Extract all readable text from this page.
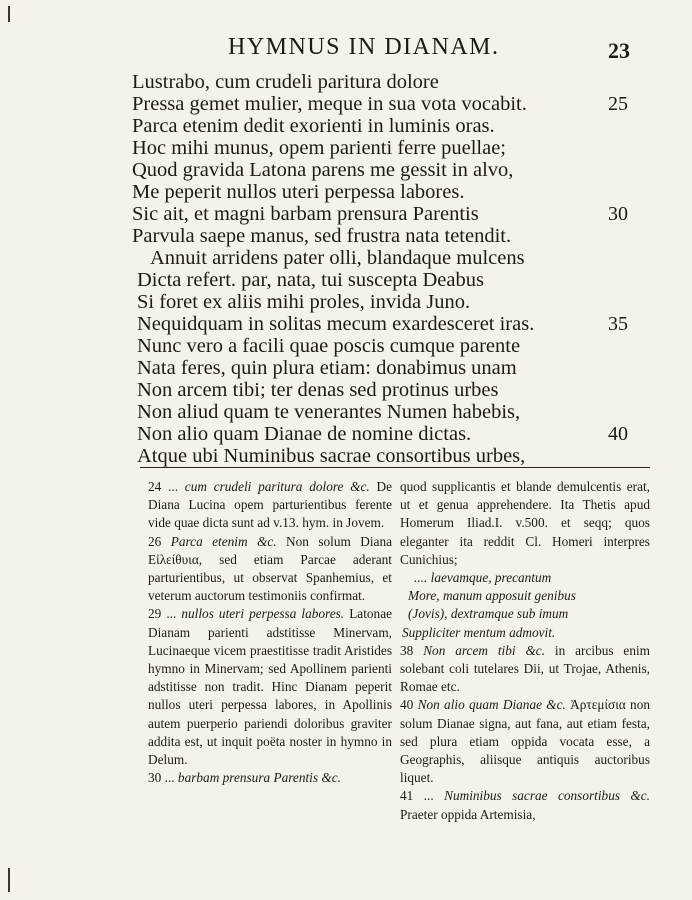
HYMNUS IN DIANAM.	23
Lustrabo, cum crudeli paritura dolore
Pressa gemet mulier, meque in sua vota vocabit.	25
Parca etenim dedit exorienti in luminis oras.
Hoc mihi munus, opem parienti ferre puellae;
Quod gravida Latona parens me gessit in alvo,
Me peperit nullos uteri perpessa labores.
Sic ait, et magni barbam prensura Parentis	30
Parvula saepe manus, sed frustra nata tetendit.
Annuit arridens pater olli, blandaque mulcens
Dicta refert. par, nata, tui suscepta Deabus
Si foret ex aliis mihi proles, invida Juno.
Nequidquam in solitas mecum exardesceret iras.	35
Nunc vero a facili quae poscis cumque parente
Nata feres, quin plura etiam: donabimus unam
Non arcem tibi; ter denas sed protinus urbes
Non aliud quam te venerantes Numen habebis,
Non alio quam Dianae de nomine dictas.	40
Atque ubi Numinibus sacrae consortibus urbes,

24 ... cum crudeli paritura dolore &c. De Diana Lucina opem parturientibus ferente vide quae dicta sunt ad v.13. hym. in Jovem.

26 Parca etenim &c. Non solum Diana Εἰλείθυια, sed etiam Parcae aderant parturientibus, ut observat Spanhemius, et veterum auctorum testimoniis confirmat.

29 ... nullos uteri perpessa labores. Latonae Dianam parienti adstitisse Minervam, Lucinaeque vicem praestitisse tradit Aristides hymno in Minervam; sed Apollinem parienti adstitisse non tradit. Hinc Dianam peperit nullos uteri perpessa labores, in Apollinis autem puerperio pariendi doloribus graviter addita est, ut inquit poëta noster in hymno in Delum.

30 ... barbam prensura Parentis &c.

quod supplicantis et blande demulcentis erat, ut et genua apprehendere. Ita Thetis apud Homerum Iliad.I. v.500. et seqq; quos eleganter ita reddit Cl. Homeri interpres Cunichius;

.... laevamque, precantum
More, manum apposuit genibus
(Jovis), dextramque sub imum
Suppliciter mentum admovit.

38 Non arcem tibi &c. in arcibus enim solebant coli tutelares Dii, ut Trojae, Athenis, Romae etc.

40 Non alio quam Dianae &c. Ἀρτεμίσια non solum Dianae signa, aut fana, aut etiam festa, sed plura etiam oppida vocata esse, a Geographis, aliisque antiquis auctoribus liquet.

41 ... Numinibus sacrae consortibus &c. Praeter oppida Artemisia,
